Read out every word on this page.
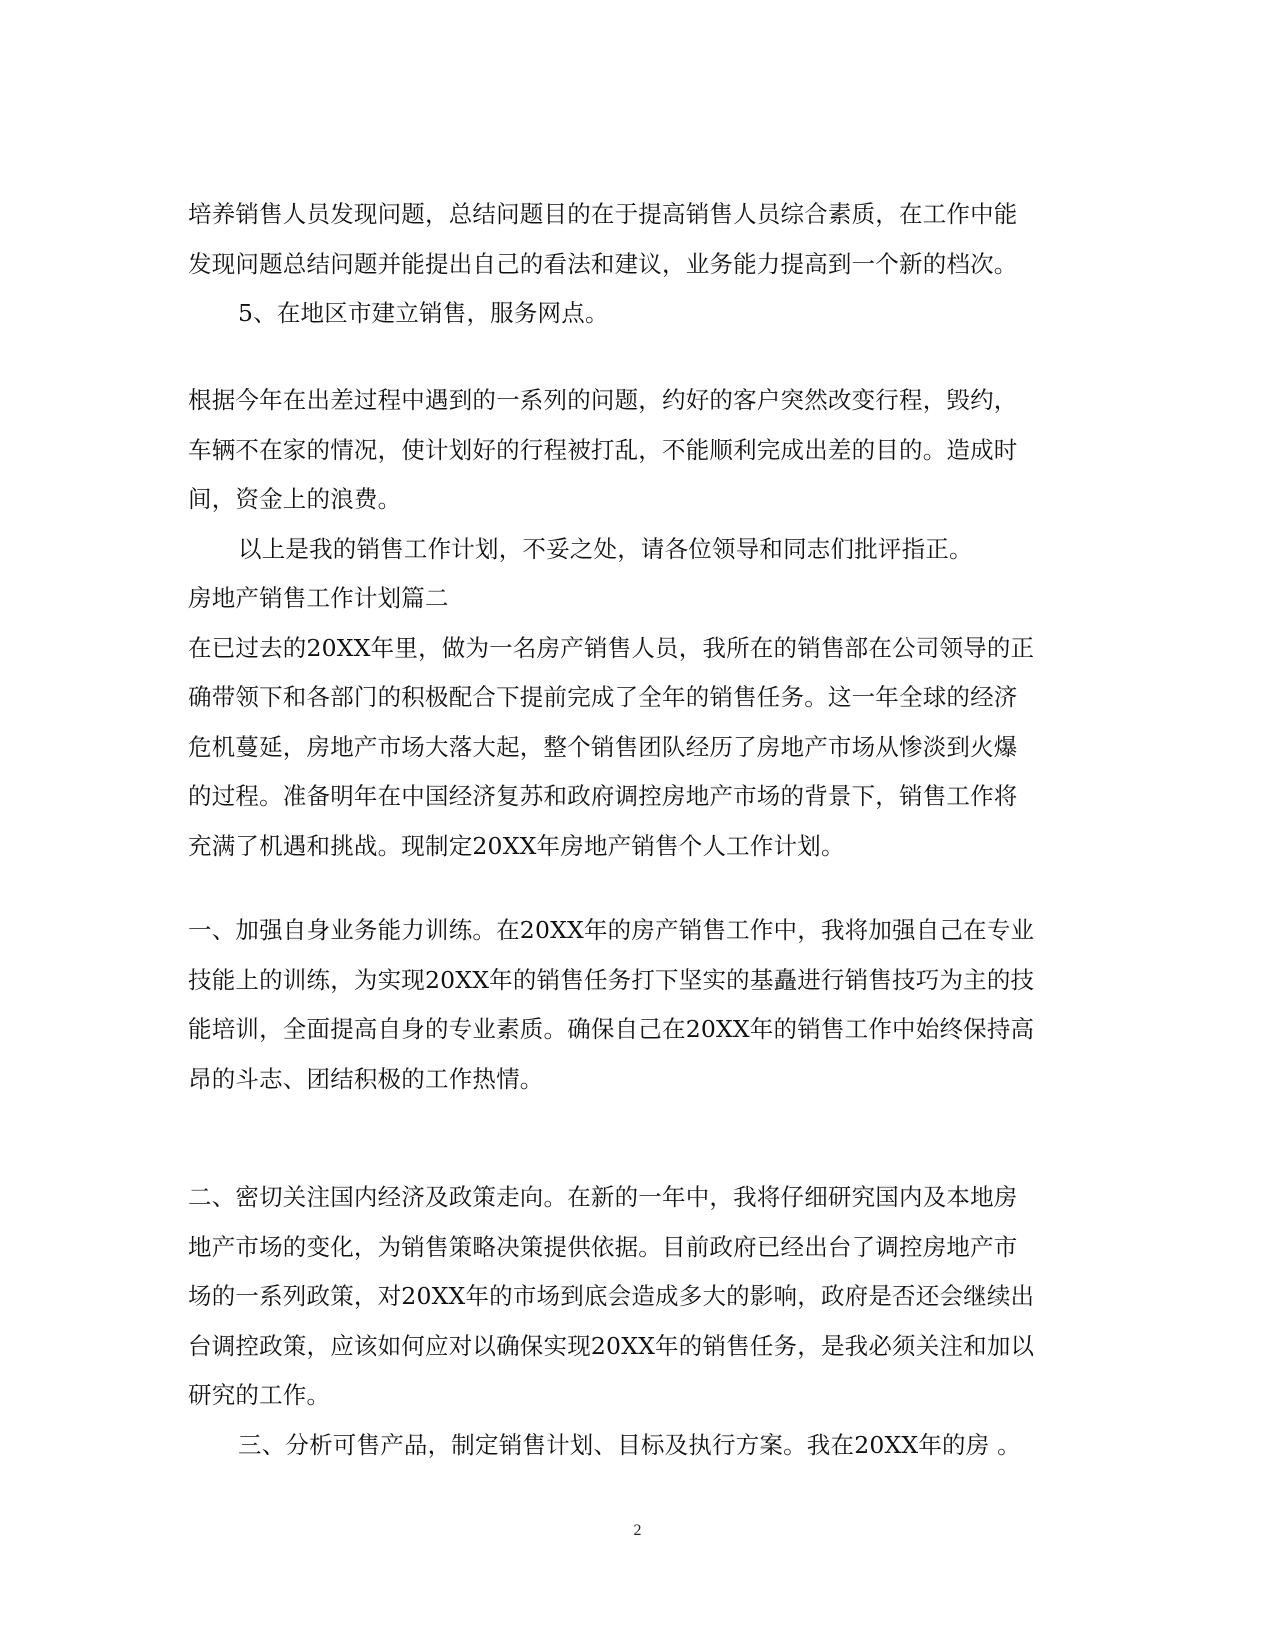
培养销售人员发现问题，总结问题目的在于提高销售人员综合素质，在工作中能
发现问题总结问题并能提出自己的看法和建议，业务能力提高到一个新的档次。
5、在地区市建立销售，服务网点。
根据今年在出差过程中遇到的一系列的问题，约好的客户突然改变行程，毁约，
车辆不在家的情况，使计划好的行程被打乱，不能顺利完成出差的目的。造成时
间，资金上的浪费。
以上是我的销售工作计划，不妥之处，请各位领导和同志们批评指正。
房地产销售工作计划篇二
在已过去的20XX年里，做为一名房产销售人员，我所在的销售部在公司领导的正
确带领下和各部门的积极配合下提前完成了全年的销售任务。这一年全球的经济
危机蔓延，房地产市场大落大起，整个销售团队经历了房地产市场从惨淡到火爆
的过程。准备明年在中国经济复苏和政府调控房地产市场的背景下，销售工作将
充满了机遇和挑战。现制定20XX年房地产销售个人工作计划。
一、加强自身业务能力训练。在20XX年的房产销售工作中，我将加强自己在专业
技能上的训练，为实现20XX年的销售任务打下坚实的基矗进行销售技巧为主的技
能培训，全面提高自身的专业素质。确保自己在20XX年的销售工作中始终保持高
昂的斗志、团结积极的工作热情。
二、密切关注国内经济及政策走向。在新的一年中，我将仔细研究国内及本地房
地产市场的变化，为销售策略决策提供依据。目前政府已经出台了调控房地产市
场的一系列政策，对20XX年的市场到底会造成多大的影响，政府是否还会继续出
台调控政策，应该如何应对以确保实现20XX年的销售任务，是我必须关注和加以
研究的工作。
三、分析可售产品，制定销售计划、目标及执行方案。我在20XX年的房 。
2
